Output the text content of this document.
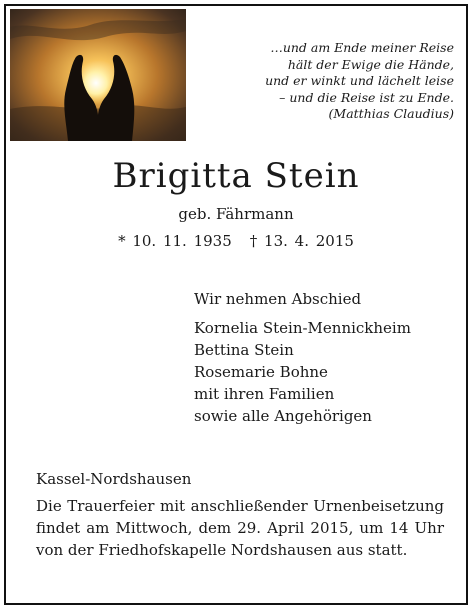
…und am Ende meiner Reise
hält der Ewige die Hände,
und er winkt und lächelt leise
– und die Reise ist zu Ende.
(Matthias Claudius)
Brigitta Stein
geb. Fährmann
* 10. 11. 1935 † 13. 4. 2015
Wir nehmen Abschied
Kornelia Stein-Mennickheim
Bettina Stein
Rosemarie Bohne
mit ihren Familien
sowie alle Angehörigen
Kassel-Nordshausen
Die Trauerfeier mit anschließender Urnenbeisetzung findet am Mittwoch, dem 29. April 2015, um 14 Uhr von der Friedhofskapelle Nordshausen aus statt.
